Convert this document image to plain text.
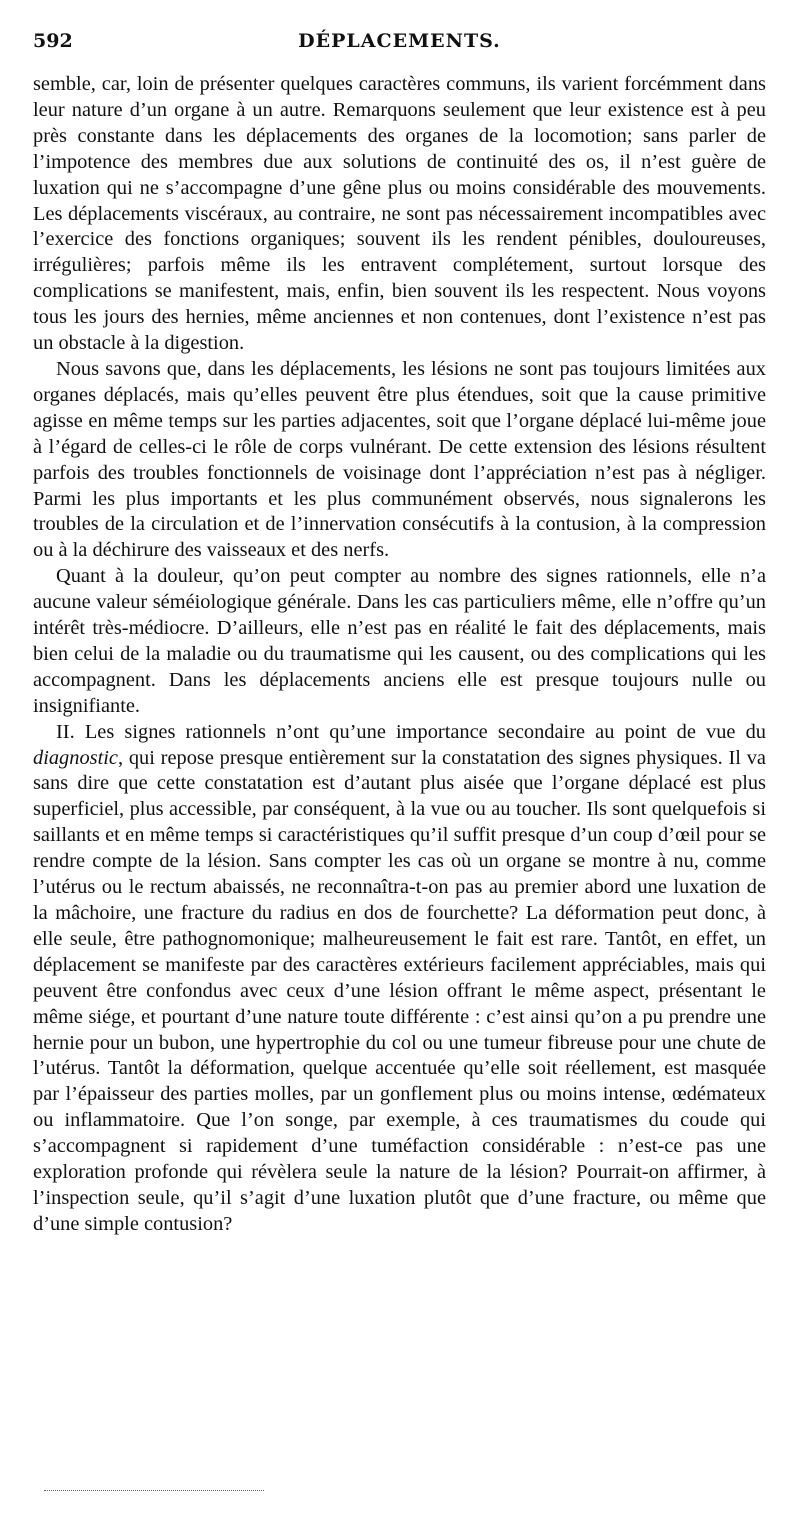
592	DÉPLACEMENTS.

semble, car, loin de présenter quelques caractères communs, ils varient forcémment dans leur nature d’un organe à un autre. Remarquons seulement que leur existence est à peu près constante dans les déplacements des organes de la locomotion; sans parler de l’impotence des membres due aux solutions de continuité des os, il n’est guère de luxation qui ne s’accompagne d’une gêne plus ou moins considérable des mouvements. Les déplacements viscéraux, au contraire, ne sont pas nécessairement incompatibles avec l’exercice des fonctions organiques; souvent ils les rendent pénibles, douloureuses, irrégulières; parfois même ils les entravent complétement, surtout lorsque des complications se manifestent, mais, enfin, bien souvent ils les respectent. Nous voyons tous les jours des hernies, même anciennes et non contenues, dont l’existence n’est pas un obstacle à la digestion.

Nous savons que, dans les déplacements, les lésions ne sont pas toujours limitées aux organes déplacés, mais qu’elles peuvent être plus étendues, soit que la cause primitive agisse en même temps sur les parties adjacentes, soit que l’organe déplacé lui-même joue à l’égard de celles-ci le rôle de corps vulnérant. De cette extension des lésions résultent parfois des troubles fonctionnels de voisinage dont l’appréciation n’est pas à négliger. Parmi les plus importants et les plus communément observés, nous signalerons les troubles de la circulation et de l’innervation consécutifs à la contusion, à la compression ou à la déchirure des vaisseaux et des nerfs.

Quant à la douleur, qu’on peut compter au nombre des signes rationnels, elle n’a aucune valeur séméiologique générale. Dans les cas particuliers même, elle n’offre qu’un intérêt très-médiocre. D’ailleurs, elle n’est pas en réalité le fait des déplacements, mais bien celui de la maladie ou du traumatisme qui les causent, ou des complications qui les accompagnent. Dans les déplacements anciens elle est presque toujours nulle ou insignifiante.

II. Les signes rationnels n’ont qu’une importance secondaire au point de vue du diagnostic, qui repose presque entièrement sur la constatation des signes physiques. Il va sans dire que cette constatation est d’autant plus aisée que l’organe déplacé est plus superficiel, plus accessible, par conséquent, à la vue ou au toucher. Ils sont quelquefois si saillants et en même temps si caractéristiques qu’il suffit presque d’un coup d’œil pour se rendre compte de la lésion. Sans compter les cas où un organe se montre à nu, comme l’utérus ou le rectum abaissés, ne reconnaîtra-t-on pas au premier abord une luxation de la mâchoire, une fracture du radius en dos de fourchette? La déformation peut donc, à elle seule, être pathognomonique; malheureusement le fait est rare. Tantôt, en effet, un déplacement se manifeste par des caractères extérieurs facilement appréciables, mais qui peuvent être confondus avec ceux d’une lésion offrant le même aspect, présentant le même siége, et pourtant d’une nature toute différente : c’est ainsi qu’on a pu prendre une hernie pour un bubon, une hypertrophie du col ou une tumeur fibreuse pour une chute de l’utérus. Tantôt la déformation, quelque accentuée qu’elle soit réellement, est masquée par l’épaisseur des parties molles, par un gonflement plus ou moins intense, œdémateux ou inflammatoire. Que l’on songe, par exemple, à ces traumatismes du coude qui s’accompagnent si rapidement d’une tuméfaction considérable : n’est-ce pas une exploration profonde qui révèlera seule la nature de la lésion? Pourrait-on affirmer, à l’inspection seule, qu’il s’agit d’une luxation plutôt que d’une fracture, ou même que d’une simple contusion?
